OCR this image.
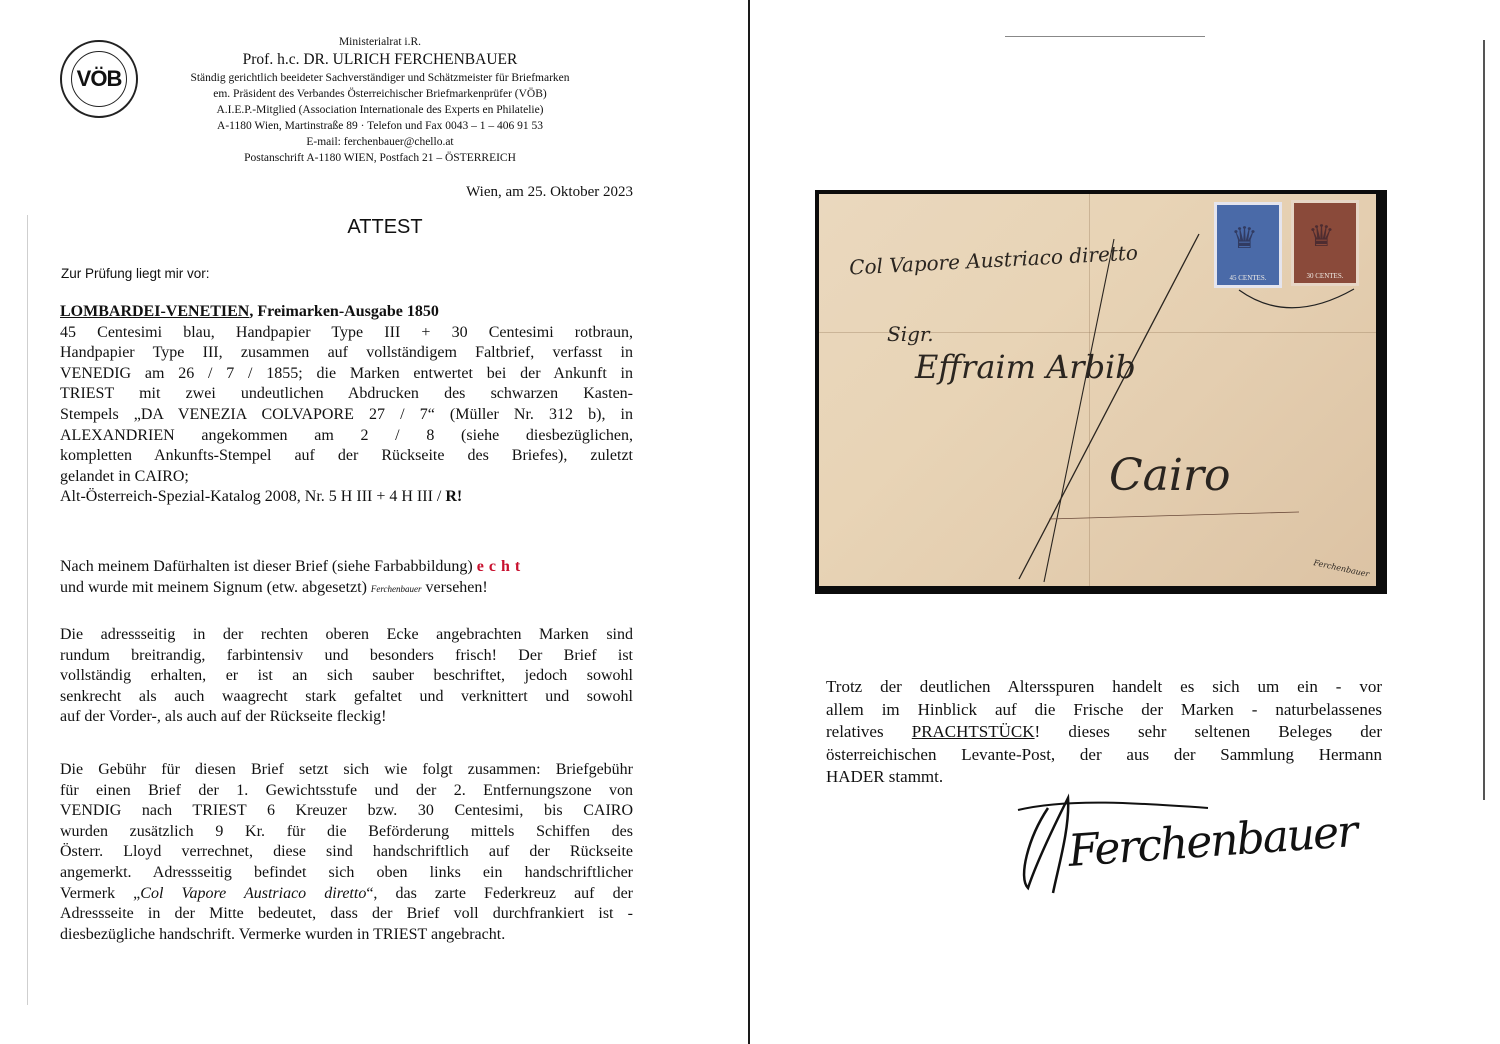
VÖB
Ministerialrat i.R.
Prof. h.c. DR. ULRICH FERCHENBAUER
Ständig gerichtlich beeideter Sachverständiger und Schätzmeister für Briefmarken
em. Präsident des Verbandes Österreichischer Briefmarkenprüfer (VÖB)
A.I.E.P.-Mitglied (Association Internationale des Experts en Philatelie)
A-1180 Wien, Martinstraße 89 · Telefon und Fax 0043 – 1 – 406 91 53
E-mail: ferchenbauer@chello.at
Postanschrift A-1180 WIEN, Postfach 21 – ÖSTERREICH
Wien, am 25. Oktober 2023
ATTEST
Zur Prüfung liegt mir vor:
LOMBARDEI-VENETIEN, Freimarken-Ausgabe 1850
45 Centesimi blau, Handpapier Type III + 30 Centesimi rotbraun,
Handpapier Type III, zusammen auf vollständigem Faltbrief, verfasst in
VENEDIG am 26 / 7 / 1855; die Marken entwertet bei der Ankunft in
TRIEST mit zwei undeutlichen Abdrucken des schwarzen Kasten-
Stempels „DA VENEZIA COLVAPORE 27 / 7“ (Müller Nr. 312 b), in
ALEXANDRIEN angekommen am 2 / 8 (siehe diesbezüglichen,
kompletten Ankunfts-Stempel auf der Rückseite des Briefes), zuletzt
gelandet in CAIRO;
Alt-Österreich-Spezial-Katalog 2008, Nr. 5 H III + 4 H III / R!
Nach meinem Dafürhalten ist dieser Brief (siehe Farbabbildung) echt
und wurde mit meinem Signum (etw. abgesetzt) Ferchenbauer versehen!
Die adressseitig in der rechten oberen Ecke angebrachten Marken sind
rundum breitrandig, farbintensiv und besonders frisch! Der Brief ist
vollständig erhalten, er ist an sich sauber beschriftet, jedoch sowohl
senkrecht als auch waagrecht stark gefaltet und verknittert und sowohl
auf der Vorder-, als auch auf der Rückseite fleckig!
Die Gebühr für diesen Brief setzt sich wie folgt zusammen: Briefgebühr
für einen Brief der 1. Gewichtsstufe und der 2. Entfernungszone von
VENDIG nach TRIEST 6 Kreuzer bzw. 30 Centesimi, bis CAIRO
wurden zusätzlich 9 Kr. für die Beförderung mittels Schiffen des
Österr. Lloyd verrechnet, diese sind handschriftlich auf der Rückseite
angemerkt. Adressseitig befindet sich oben links ein handschriftlicher
Vermerk „Col Vapore Austriaco diretto“, das zarte Federkreuz auf der
Adressseite in der Mitte bedeutet, dass der Brief voll durchfrankiert ist -
diesbezügliche handschrift. Vermerke wurden in TRIEST angebracht.
♛
45 CENTES.
♛
30 CENTES.
Col Vapore Austriaco diretto
Sigr.
Effraim Arbib
Cairo
Ferchenbauer
Trotz der deutlichen Altersspuren handelt es sich um ein - vor
allem im Hinblick auf die Frische der Marken - naturbelassenes
relatives PRACHTSTÜCK! dieses sehr seltenen Beleges der
österreichischen Levante-Post, der aus der Sammlung Hermann
HADER stammt.
Ferchenbauer
